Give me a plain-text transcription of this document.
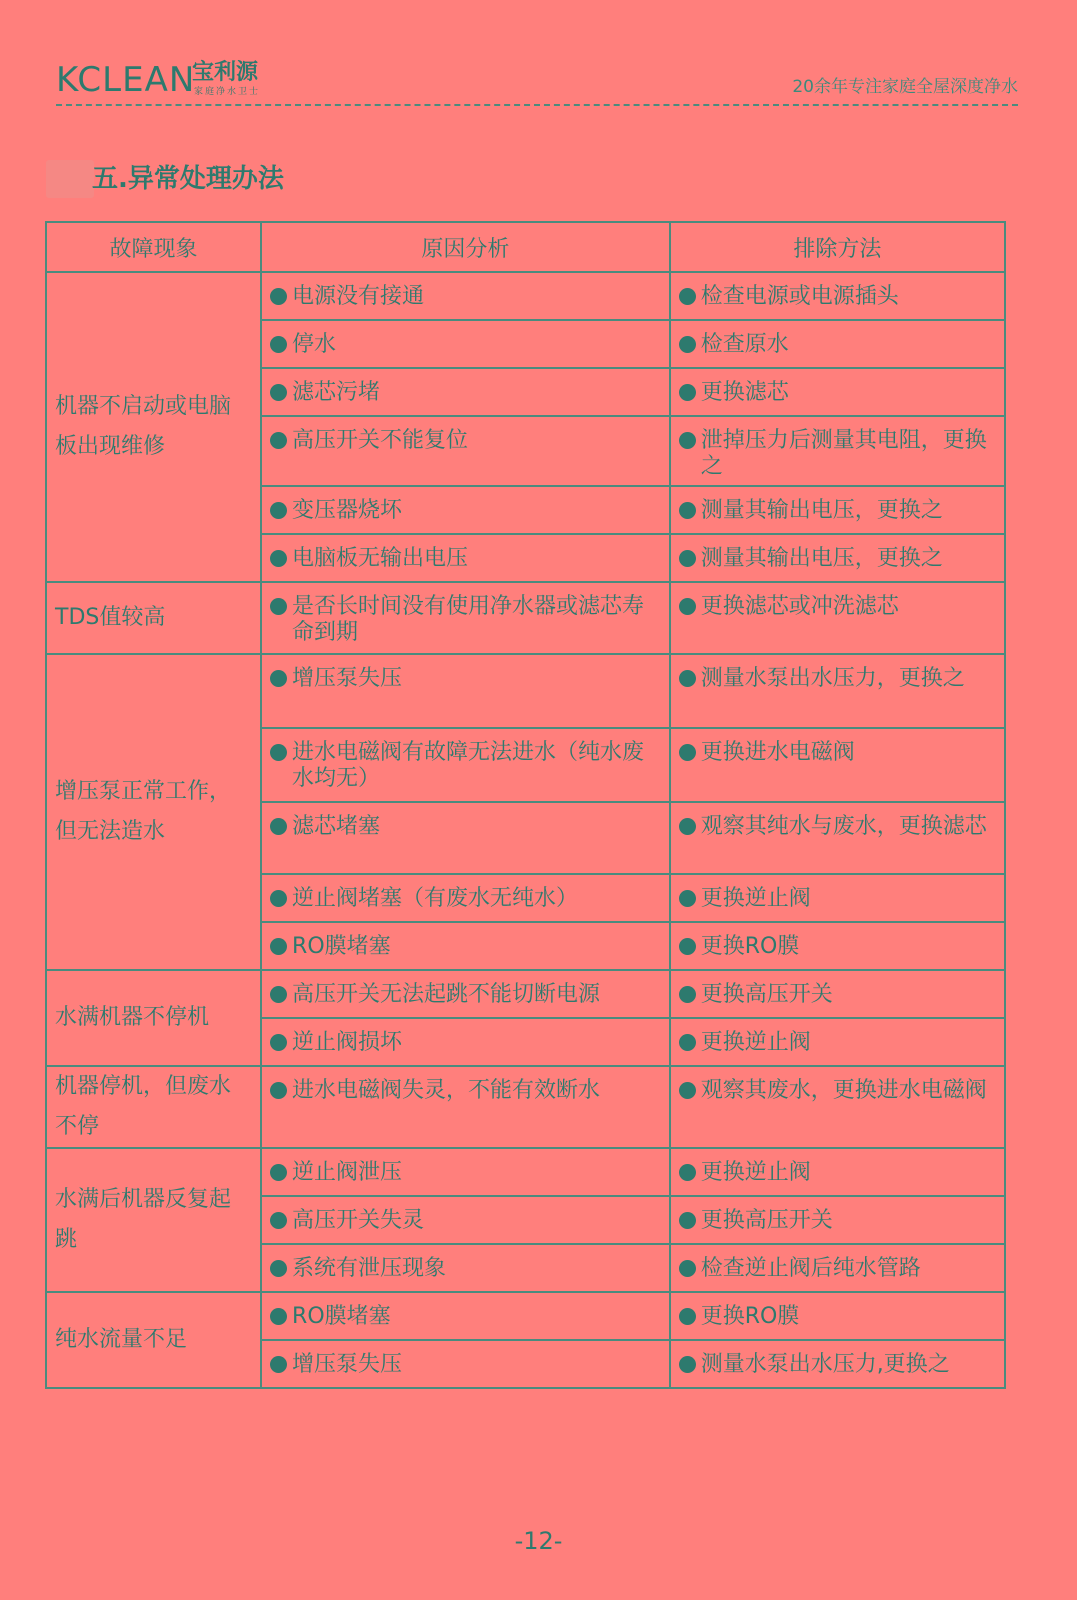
KCLEAN
宝利源
家庭净水卫士	20余年专注家庭全屋深度净水
五.异常处理办法
故障现象	原因分析	排除方法
机器不启动或电脑板出现维修	电源没有接通	检查电源或电源插头

	停水	检查原水

	滤芯污堵	更换滤芯

	高压开关不能复位	泄掉压力后测量其电阻，更换之

	变压器烧坏	测量其输出电压，更换之

	电脑板无输出电压	测量其输出电压，更换之

TDS值较高	是否长时间没有使用净水器或滤芯寿命到期	更换滤芯或冲洗滤芯

增压泵正常工作，但无法造水	增压泵失压	测量水泵出水压力，更换之

	进水电磁阀有故障无法进水（纯水废水均无）	更换进水电磁阀

	滤芯堵塞	观察其纯水与废水，更换滤芯

	逆止阀堵塞（有废水无纯水）	更换逆止阀

	RO膜堵塞	更换RO膜

水满机器不停机	高压开关无法起跳不能切断电源	更换高压开关

	逆止阀损坏	更换逆止阀

机器停机，但废水不停	进水电磁阀失灵，不能有效断水	观察其废水，更换进水电磁阀

水满后机器反复起跳	逆止阀泄压	更换逆止阀

	高压开关失灵	更换高压开关

	系统有泄压现象	检查逆止阀后纯水管路

纯水流量不足	RO膜堵塞	更换RO膜

	增压泵失压	测量水泵出水压力,更换之
-12-
